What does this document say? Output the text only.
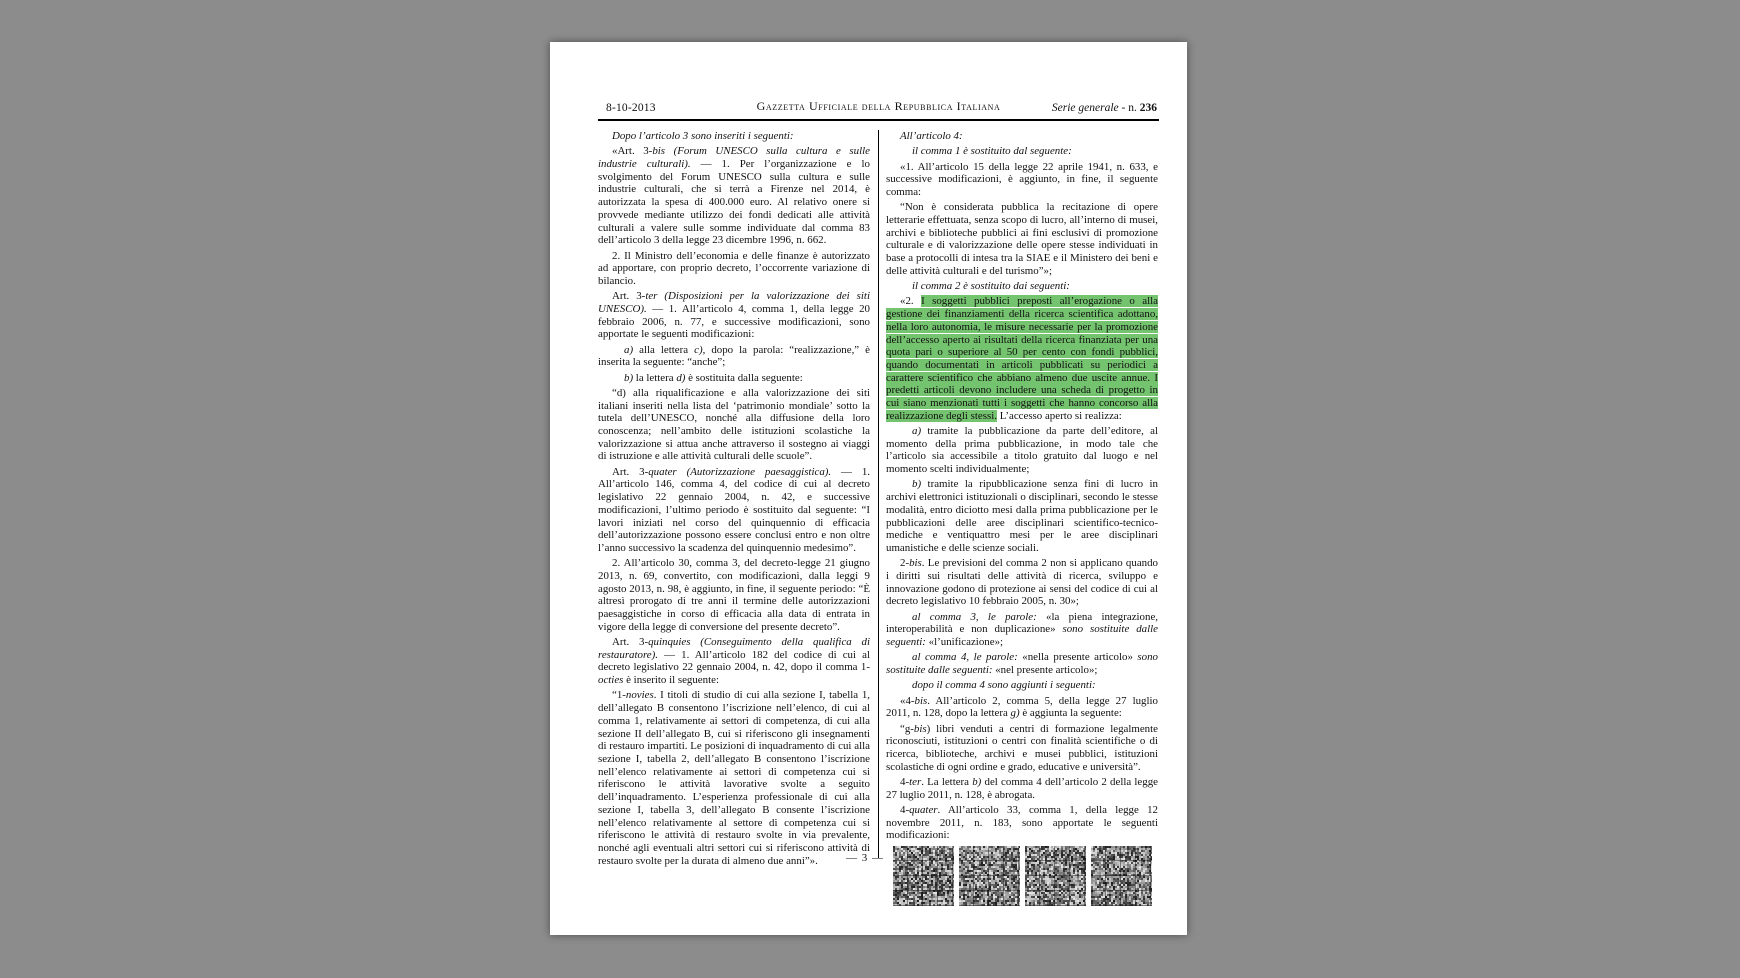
8-10-2013	Gazzetta Ufficiale della Repubblica Italiana	Serie generale - n. 236

Dopo l’articolo 3 sono inseriti i seguenti:

«Art. 3-bis (Forum UNESCO sulla cultura e sulle industrie culturali). — 1. Per l’organizzazione e lo svolgimento del Forum UNESCO sulla cultura e sulle industrie culturali, che si terrà a Firenze nel 2014, è autorizzata la spesa di 400.000 euro. Al relativo onere si provvede mediante utilizzo dei fondi dedicati alle attività culturali a valere sulle somme individuate dal comma 83 dell’articolo 3 della legge 23 dicembre 1996, n. 662.

2. Il Ministro dell’economia e delle finanze è autorizzato ad apportare, con proprio decreto, l’occorrente variazione di bilancio.

Art. 3-ter (Disposizioni per la valorizzazione dei siti UNESCO). — 1. All’articolo 4, comma 1, della legge 20 febbraio 2006, n. 77, e successive modificazioni, sono apportate le seguenti modificazioni:

a) alla lettera c), dopo la parola: “realizzazione,” è inserita la seguente: “anche”;

b) la lettera d) è sostituita dalla seguente:

“d) alla riqualificazione e alla valorizzazione dei siti italiani inseriti nella lista del ‘patrimonio mondiale’ sotto la tutela dell’UNESCO, nonché alla diffusione della loro conoscenza; nell’ambito delle istituzioni scolastiche la valorizzazione si attua anche attraverso il sostegno ai viaggi di istruzione e alle attività culturali delle scuole”.

Art. 3-quater (Autorizzazione paesaggistica). — 1. All’articolo 146, comma 4, del codice di cui al decreto legislativo 22 gennaio 2004, n. 42, e successive modificazioni, l’ultimo periodo è sostituito dal seguente: “I lavori iniziati nel corso del quinquennio di efficacia dell’autorizzazione possono essere conclusi entro e non oltre l’anno successivo la scadenza del quinquennio medesimo”.

2. All’articolo 30, comma 3, del decreto-legge 21 giugno 2013, n. 69, convertito, con modificazioni, dalla leggi 9 agosto 2013, n. 98, è aggiunto, in fine, il seguente periodo: “È altresì prorogato di tre anni il termine delle autorizzazioni paesaggistiche in corso di efficacia alla data di entrata in vigore della legge di conversione del presente decreto”.

Art. 3-quinquies (Conseguimento della qualifica di restauratore). — 1. All’articolo 182 del codice di cui al decreto legislativo 22 gennaio 2004, n. 42, dopo il comma 1-octies è inserito il seguente:

“1-novies. I titoli di studio di cui alla sezione I, tabella 1, dell’allegato B consentono l’iscrizione nell’elenco, di cui al comma 1, relativamente ai settori di competenza, di cui alla sezione II dell’allegato B, cui si riferiscono gli insegnamenti di restauro impartiti. Le posizioni di inquadramento di cui alla sezione I, tabella 2, dell’allegato B consentono l’iscrizione nell’elenco relativamente ai settori di competenza cui si riferiscono le attività lavorative svolte a seguito dell’inquadramento. L’esperienza professionale di cui alla sezione I, tabella 3, dell’allegato B consente l’iscrizione nell’elenco relativamente al settore di competenza cui si riferiscono le attività di restauro svolte in via prevalente, nonché agli eventuali altri settori cui si riferiscono attività di restauro svolte per la durata di almeno due anni”».

All’articolo 4:

il comma 1 è sostituito dal seguente:

«1. All’articolo 15 della legge 22 aprile 1941, n. 633, e successive modificazioni, è aggiunto, in fine, il seguente comma:

“Non è considerata pubblica la recitazione di opere letterarie effettuata, senza scopo di lucro, all’interno di musei, archivi e biblioteche pubblici ai fini esclusivi di promozione culturale e di valorizzazione delle opere stesse individuati in base a protocolli di intesa tra la SIAE e il Ministero dei beni e delle attività culturali e del turismo”»;

il comma 2 è sostituito dai seguenti:

«2. I soggetti pubblici preposti all’erogazione o alla gestione dei finanziamenti della ricerca scientifica adottano, nella loro autonomia, le misure necessarie per la promozione dell’accesso aperto ai risultati della ricerca finanziata per una quota pari o superiore al 50 per cento con fondi pubblici, quando documentati in articoli pubblicati su periodici a carattere scientifico che abbiano almeno due uscite annue. I predetti articoli devono includere una scheda di progetto in cui siano menzionati tutti i soggetti che hanno concorso alla realizzazione degli stessi. L’accesso aperto si realizza:

a) tramite la pubblicazione da parte dell’editore, al momento della prima pubblicazione, in modo tale che l’articolo sia accessibile a titolo gratuito dal luogo e nel momento scelti individualmente;

b) tramite la ripubblicazione senza fini di lucro in archivi elettronici istituzionali o disciplinari, secondo le stesse modalità, entro diciotto mesi dalla prima pubblicazione per le pubblicazioni delle aree disciplinari scientifico-tecnico-mediche e ventiquattro mesi per le aree disciplinari umanistiche e delle scienze sociali.

2-bis. Le previsioni del comma 2 non si applicano quando i diritti sui risultati delle attività di ricerca, sviluppo e innovazione godono di protezione ai sensi del codice di cui al decreto legislativo 10 febbraio 2005, n. 30»;

al comma 3, le parole: «la piena integrazione, interoperabilità e non duplicazione» sono sostituite dalle seguenti: «l’unificazione»;

al comma 4, le parole: «nella presente articolo» sono sostituite dalle seguenti: «nel presente articolo»;

dopo il comma 4 sono aggiunti i seguenti:

«4-bis. All’articolo 2, comma 5, della legge 27 luglio 2011, n. 128, dopo la lettera g) è aggiunta la seguente:

“g-bis) libri venduti a centri di formazione legalmente riconosciuti, istituzioni o centri con finalità scientifiche o di ricerca, biblioteche, archivi e musei pubblici, istituzioni scolastiche di ogni ordine e grado, educative e università”.

4-ter. La lettera b) del comma 4 dell’articolo 2 della legge 27 luglio 2011, n. 128, è abrogata.

4-quater. All’articolo 33, comma 1, della legge 12 novembre 2011, n. 183, sono apportate le seguenti modificazioni:

— 3 —
